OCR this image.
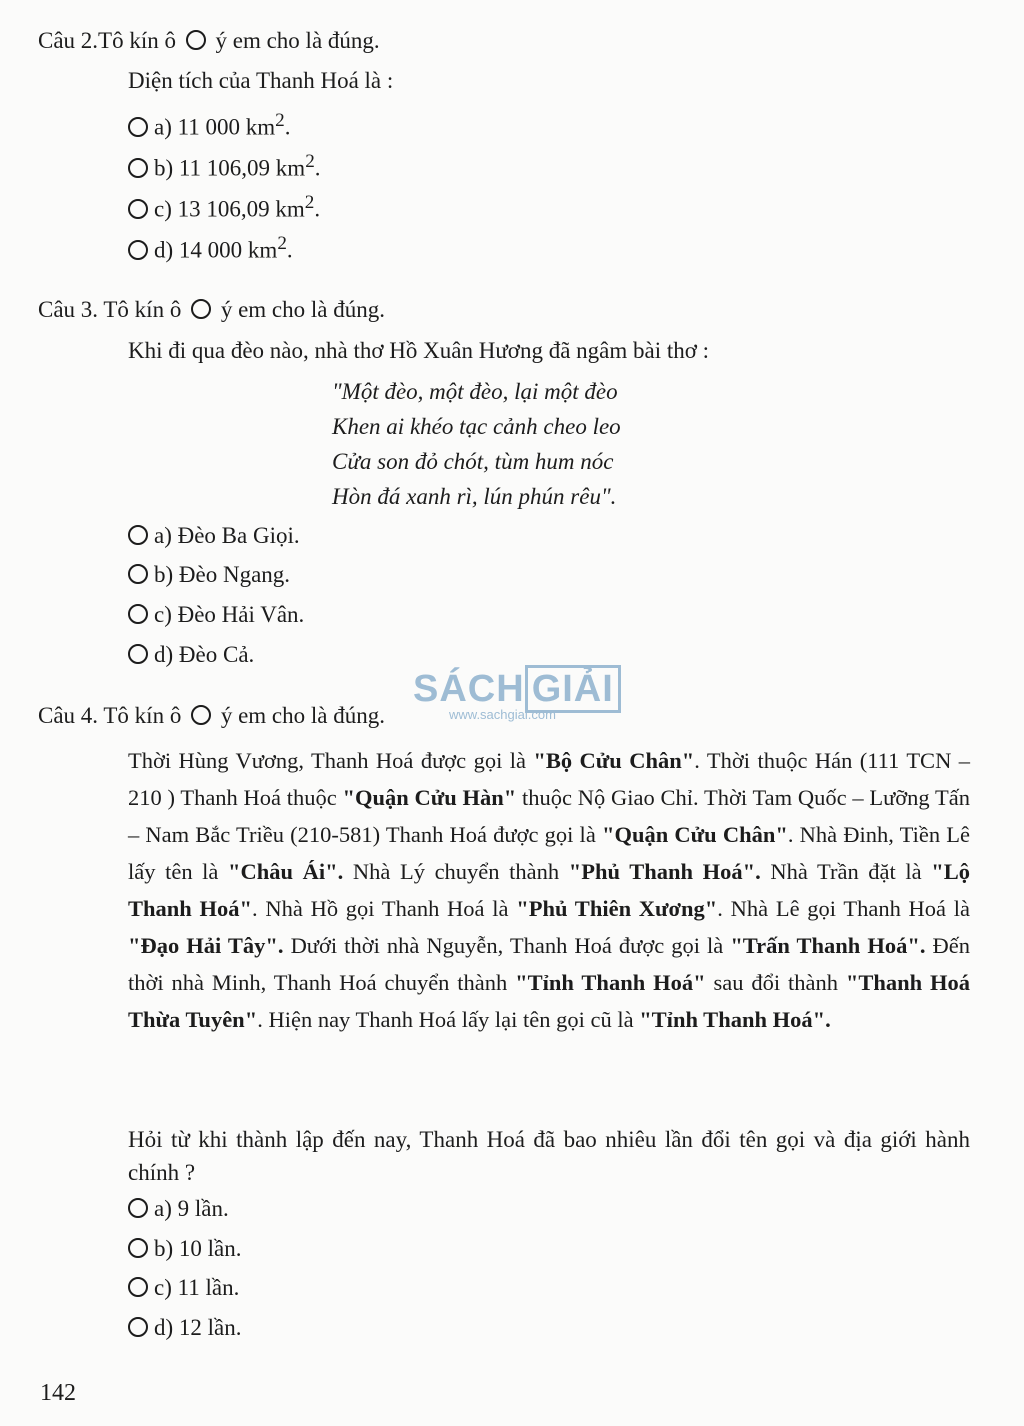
Câu 2.Tô kín ô ý em cho là đúng.
Diện tích của Thanh Hoá là :
a) 11 000 $km^2$.
b) 11 106,09 $km^2$.
c) 13 106,09 $km^2$.
d) 14 000 $km^2$.
Câu 3. Tô kín ô ý em cho là đúng.
Khi đi qua đèo nào, nhà thơ Hồ Xuân Hương đã ngâm bài thơ :
"Một đèo, một đèo, lại một đèo
Khen ai khéo tạc cảnh cheo leo
Cửa son đỏ chót, tùm hum nóc
Hòn đá xanh rì, lún phún rêu".
a) Đèo Ba Giọi.
b) Đèo Ngang.
c) Đèo Hải Vân.
d) Đèo Cả.
SÁCH GIẢI
www.sachgiai.com
Câu 4. Tô kín ô ý em cho là đúng.
Thời Hùng Vương, Thanh Hoá được gọi là "Bộ Cửu Chân". Thời thuộc Hán (111 TCN – 210 ) Thanh Hoá thuộc "Quận Cửu Hàn" thuộc Nộ Giao Chỉ. Thời Tam Quốc – Lưỡng Tấn – Nam Bắc Triều (210-581) Thanh Hoá được gọi là "Quận Cửu Chân". Nhà Đinh, Tiền Lê lấy tên là "Châu Ái". Nhà Lý chuyển thành "Phủ Thanh Hoá". Nhà Trần đặt là "Lộ Thanh Hoá". Nhà Hồ gọi Thanh Hoá là "Phủ Thiên Xương". Nhà Lê gọi Thanh Hoá là "Đạo Hải Tây". Dưới thời nhà Nguyễn, Thanh Hoá được gọi là "Trấn Thanh Hoá". Đến thời nhà Minh, Thanh Hoá chuyển thành "Tỉnh Thanh Hoá" sau đổi thành "Thanh Hoá Thừa Tuyên". Hiện nay Thanh Hoá lấy lại tên gọi cũ là "Tỉnh Thanh Hoá".
Hỏi từ khi thành lập đến nay, Thanh Hoá đã bao nhiêu lần đổi tên gọi và địa giới hành chính ?
a) 9 lần.
b) 10 lần.
c) 11 lần.
d) 12 lần.
142
